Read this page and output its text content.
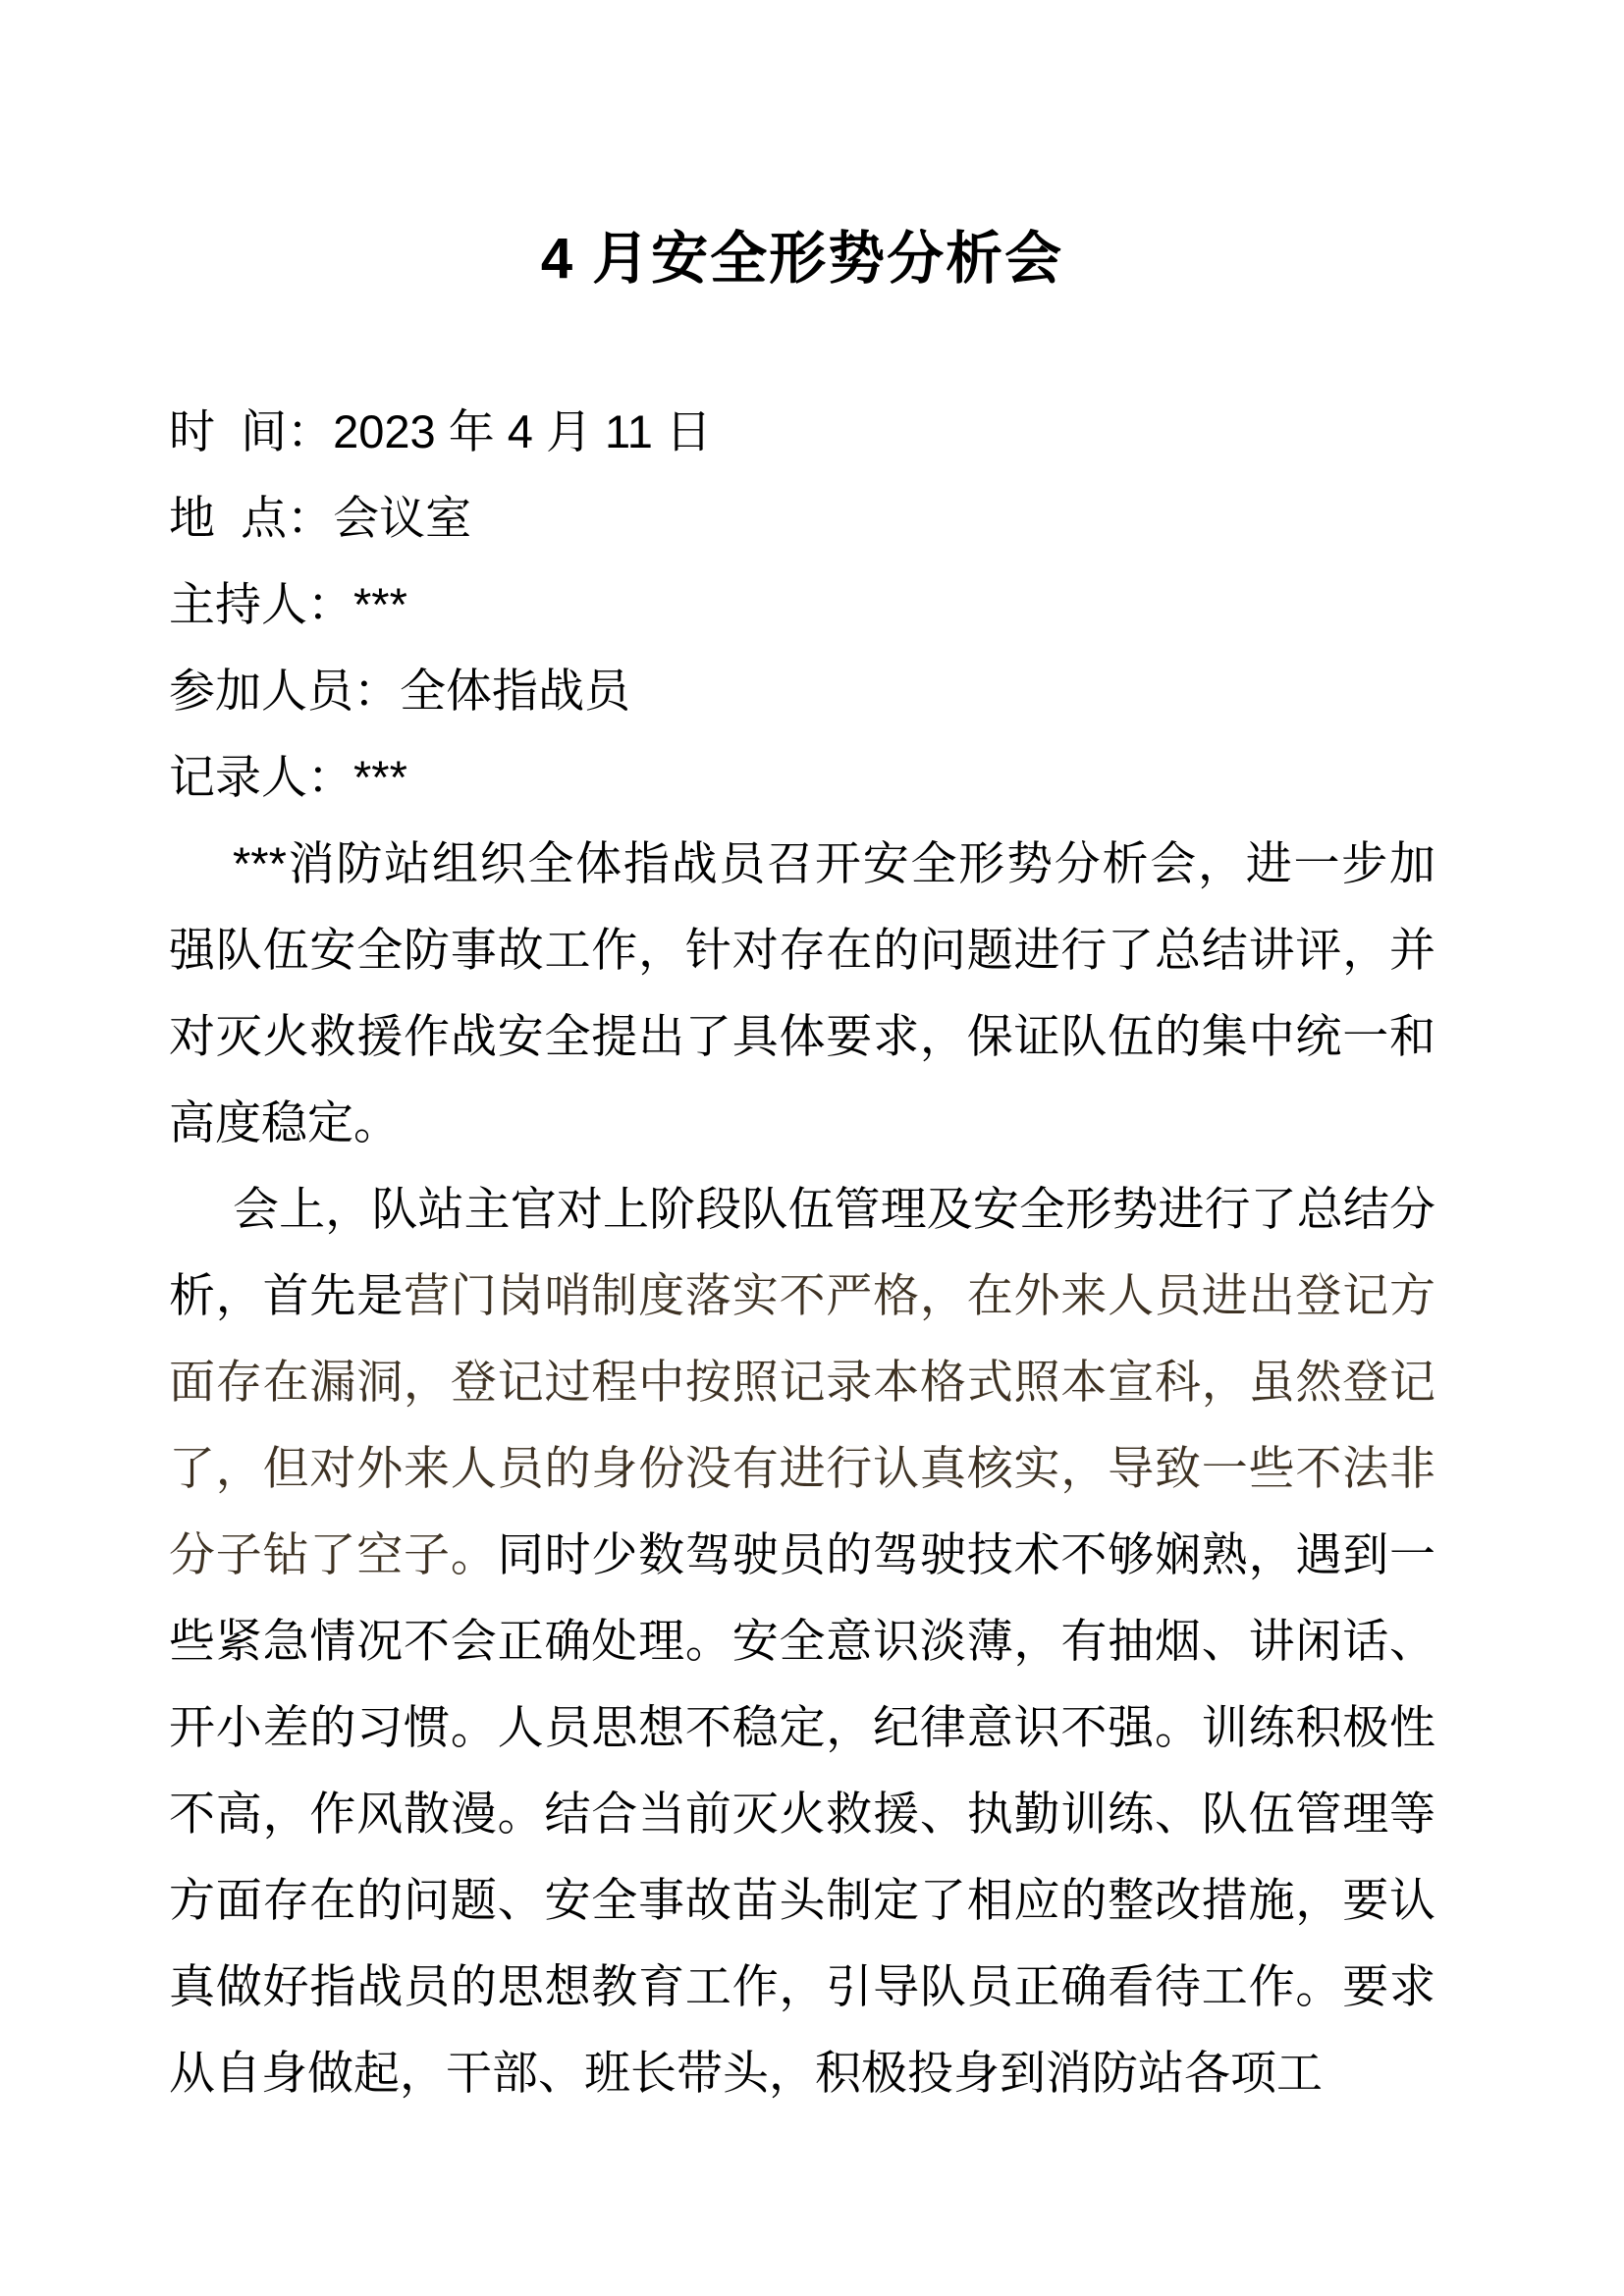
4 月安全形势分析会

时  间：2023 年 4 月 11 日

地  点：会议室

主持人：***

参加人员：全体指战员

记录人：***

***消防站组织全体指战员召开安全形势分析会，进一步加强队伍安全防事故工作，针对存在的问题进行了总结讲评，并对灭火救援作战安全提出了具体要求，保证队伍的集中统一和高度稳定。

会上，队站主官对上阶段队伍管理及安全形势进行了总结分析，首先是营门岗哨制度落实不严格，在外来人员进出登记方面存在漏洞，登记过程中按照记录本格式照本宣科，虽然登记了，但对外来人员的身份没有进行认真核实，导致一些不法非分子钻了空子。同时少数驾驶员的驾驶技术不够娴熟，遇到一些紧急情况不会正确处理。安全意识淡薄，有抽烟、讲闲话、开小差的习惯。人员思想不稳定，纪律意识不强。训练积极性不高，作风散漫。结合当前灭火救援、执勤训练、队伍管理等方面存在的问题、安全事故苗头制定了相应的整改措施，要认真做好指战员的思想教育工作，引导队员正确看待工作。要求从自身做起，干部、班长带头，积极投身到消防站各项工
